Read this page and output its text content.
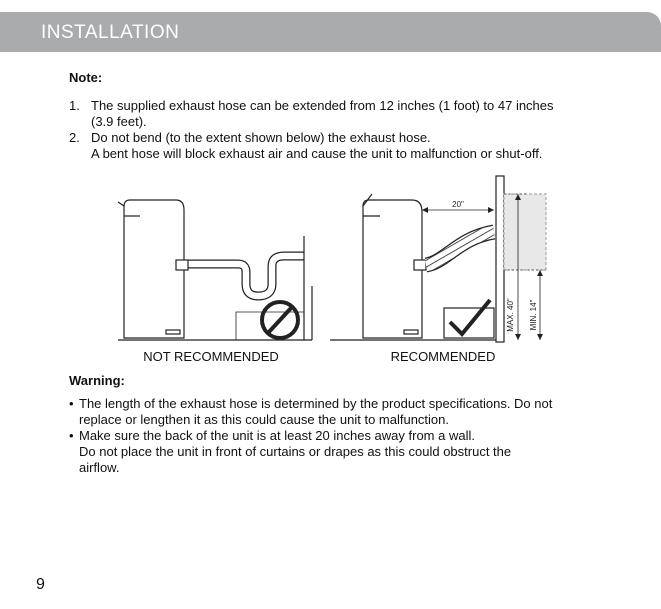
INSTALLATION
Note:
1. The supplied exhaust hose can be extended from 12 inches (1 foot) to 47 inches
(3.9 feet).
2. Do not bend (to the extent shown below) the exhaust hose.
A bent hose will block exhaust air and cause the unit to malfunction or shut-off.
20"
MAX. 40" MIN. 14"
NOT RECOMMENDED	RECOMMENDED
Warning:
• The length of the exhaust hose is determined by the product specifications. Do not
replace or lengthen it as this could cause the unit to malfunction.
• Make sure the back of the unit is at least 20 inches away from a wall.
Do not place the unit in front of curtains or drapes as this could obstruct the
airflow.
9
